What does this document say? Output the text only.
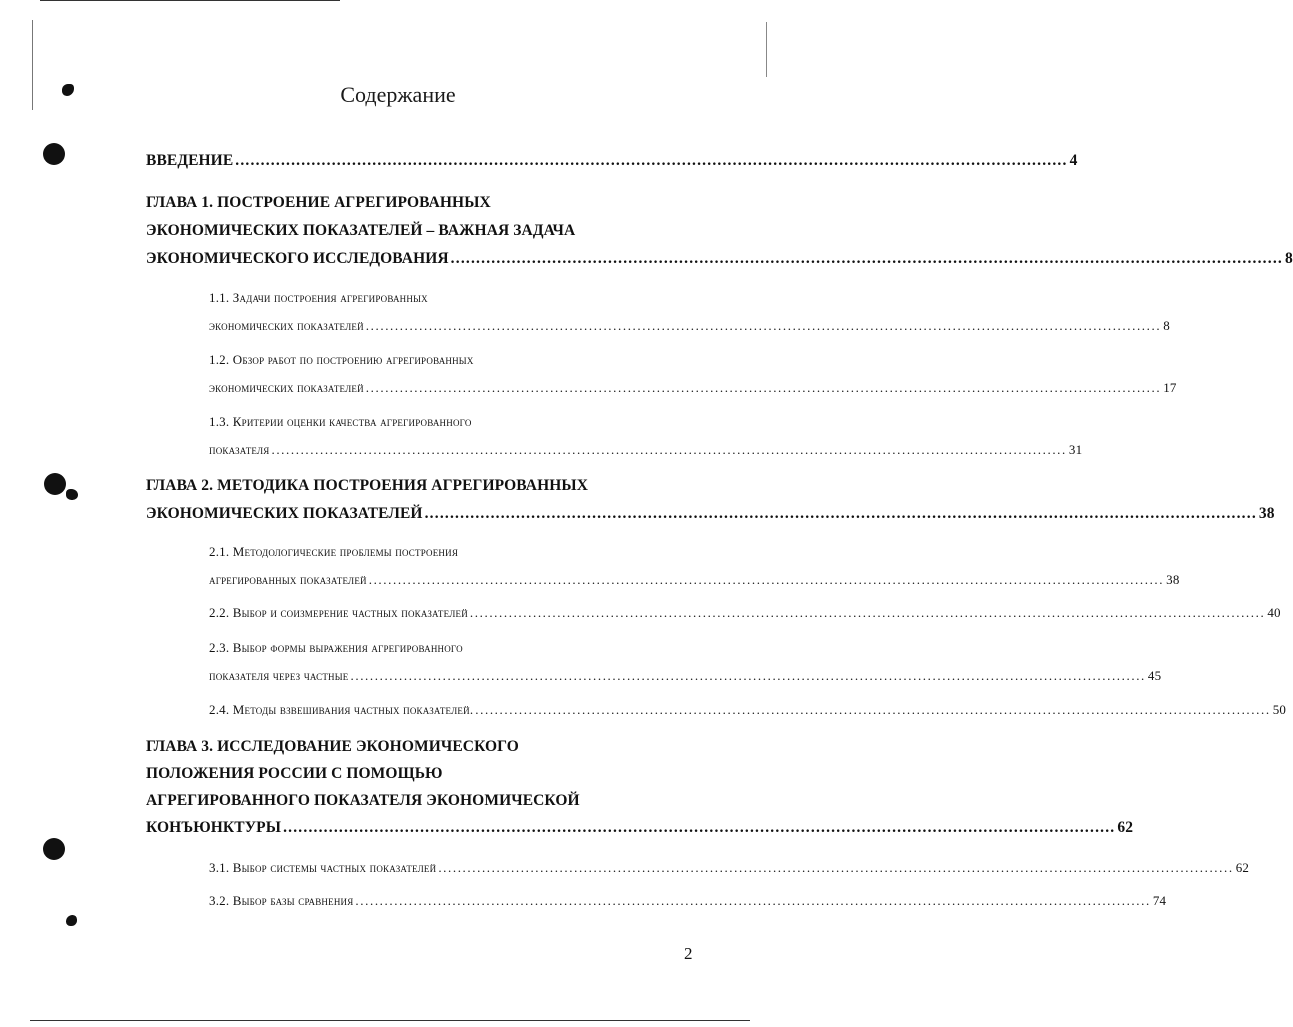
Содержание
ВВЕДЕНИЕ .................................................................................................................................................................... 4
ГЛАВА 1. ПОСТРОЕНИЕ АГРЕГИРОВАННЫХ
ЭКОНОМИЧЕСКИХ ПОКАЗАТЕЛЕЙ – ВАЖНАЯ ЗАДАЧА
ЭКОНОМИЧЕСКОГО ИССЛЕДОВАНИЯ .................................................................................................................................................................... 8
1.1. Задачи построения агрегированных
экономических показателей .................................................................................................................................................................... 8
1.2. Обзор работ по построению агрегированных
экономических показателей .................................................................................................................................................................... 17
1.3. Критерии оценки качества агрегированного
показателя .................................................................................................................................................................... 31
ГЛАВА 2. МЕТОДИКА ПОСТРОЕНИЯ АГРЕГИРОВАННЫХ
ЭКОНОМИЧЕСКИХ ПОКАЗАТЕЛЕЙ .................................................................................................................................................................... 38
2.1. Методологические проблемы построения
агрегированных показателей .................................................................................................................................................................... 38
2.2. Выбор и соизмерение частных показателей .................................................................................................................................................................... 40
2.3. Выбор формы выражения агрегированного
показателя через частные .................................................................................................................................................................... 45
2.4. Методы взвешивания частных показателей. .................................................................................................................................................................... 50
ГЛАВА 3. ИССЛЕДОВАНИЕ ЭКОНОМИЧЕСКОГО
ПОЛОЖЕНИЯ РОССИИ С ПОМОЩЬЮ
АГРЕГИРОВАННОГО ПОКАЗАТЕЛЯ ЭКОНОМИЧЕСКОЙ
КОНЪЮНКТУРЫ .................................................................................................................................................................... 62
3.1. Выбор системы частных показателей .................................................................................................................................................................... 62
3.2. Выбор базы сравнения .................................................................................................................................................................... 74
2
